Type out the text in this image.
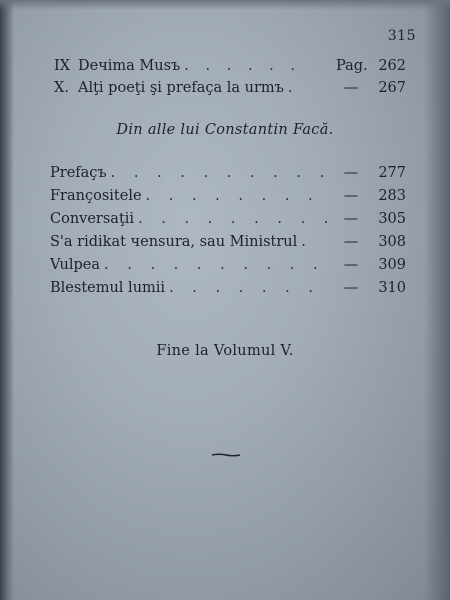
315
IX Deчima Musъ . . . . . .	Pag. 262
X. Alţi poeţi şi prefaça la urmъ .	—	267
Din alle lui Constantin Facă.
Prefaçъ . . . . . . . . . . —	277
Françositele . . . . . . . .	—	283
Conversaţii . . . . . . . . . —	305
S'a ridikat чensura, sau Ministrul .	—	308
Vulpea . . . . . . . . . .	—	309
Blestemul lumii . . . . . . .	—	310
Fine la Volumul V.
